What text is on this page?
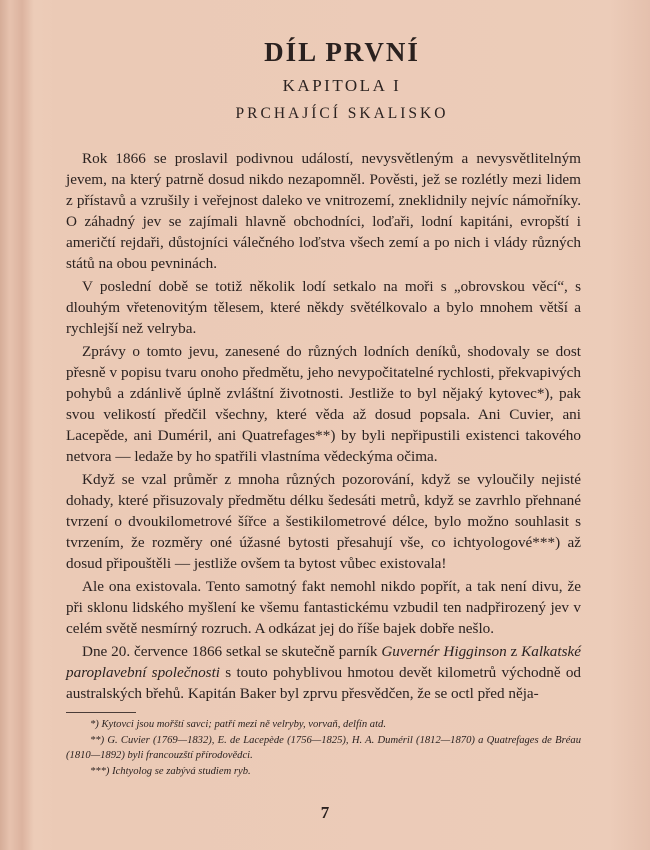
DÍL PRVNÍ
KAPITOLA I
PRCHAJÍCÍ SKALISKO

Rok 1866 se proslavil podivnou událostí, nevysvětleným a nevysvětlitelným jevem, na který patrně dosud nikdo nezapomněl. Pověsti, jež se rozlétly mezi lidem z přístavů a vzrušily i veřejnost daleko ve vnitrozemí, zneklidnily nejvíc námořníky. O záhadný jev se zajímali hlavně obchodníci, loďaři, lodní kapitáni, evropští i američtí rejdaři, důstojníci válečného loďstva všech zemí a po nich i vlády různých států na obou pevninách.

V poslední době se totiž několik lodí setkalo na moři s „obrovskou věcí“, s dlouhým vřetenovitým tělesem, které někdy světélkovalo a bylo mnohem větší a rychlejší než velryba.

Zprávy o tomto jevu, zanesené do různých lodních deníků, shodovaly se dost přesně v popisu tvaru onoho předmětu, jeho nevypočitatelné rychlosti, překvapivých pohybů a zdánlivě úplně zvláštní životnosti. Jestliže to byl nějaký kytovec*), pak svou velikostí předčil všechny, které věda až dosud popsala. Ani Cuvier, ani Lacepěde, ani Duméril, ani Quatrefages**) by byli nepřipustili existenci takového netvora — ledaže by ho spatřili vlastníma vědeckýma očima.

Když se vzal průměr z mnoha různých pozorování, když se vyloučily nejisté dohady, které přisuzovaly předmětu délku šedesáti metrů, když se zavrhlo přehnané tvrzení o dvoukilometrové šířce a šestikilometrové délce, bylo možno souhlasit s tvrzením, že rozměry oné úžasné bytosti přesahují vše, co ichtyologové***) až dosud připouštěli — jestliže ovšem ta bytost vůbec existovala!

Ale ona existovala. Tento samotný fakt nemohl nikdo popřít, a tak není divu, že při sklonu lidského myšlení ke všemu fantastickému vzbudil ten nadpřirozený jev v celém světě nesmírný rozruch. A odkázat jej do říše bajek dobře nešlo.

Dne 20. července 1866 setkal se skutečně parník Guvernér Higginson z Kalkatské paroplavební společnosti s touto pohyblivou hmotou devět kilometrů východně od australských břehů. Kapitán Baker byl zprvu přesvědčen, že se octl před něja-

*) Kytovci jsou mořští savci; patří mezi ně velryby, vorvaň, delfín atd.

**) G. Cuvier (1769—1832), E. de Lacepède (1756—1825), H. A. Duméril (1812—1870) a Quatrefages de Bréau (1810—1892) byli francouzští přírodovědci.

***) Ichtyolog se zabývá studiem ryb.

7
